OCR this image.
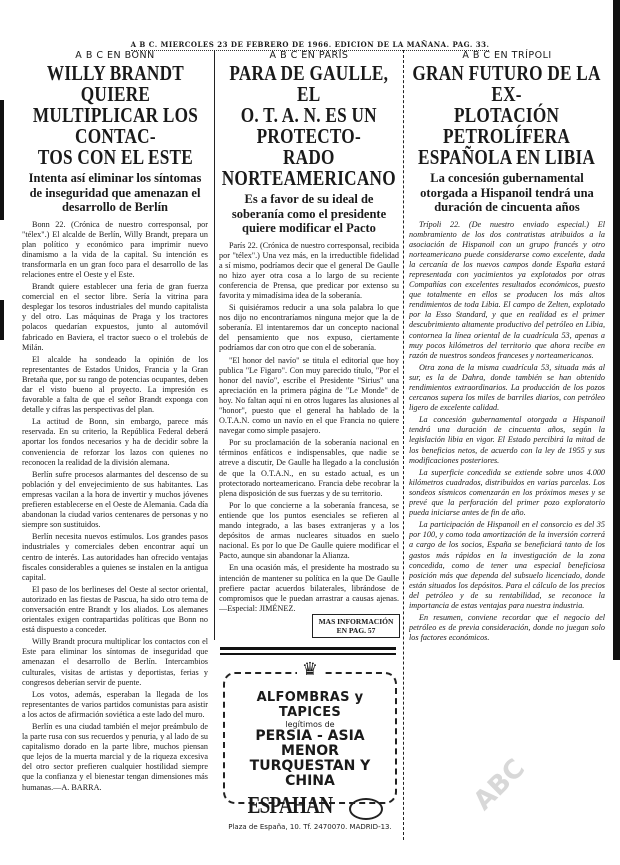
A B C. MIERCOLES 23 DE FEBRERO DE 1966. EDICION DE LA MAÑANA. PAG. 33.
A B C EN BONN
WILLY BRANDT QUIERE
MULTIPLICAR LOS CONTAC-
TOS CON EL ESTE
Intenta así eliminar los síntomas de inseguridad que amenazan el desarrollo de Berlín

Bonn 22. (Crónica de nuestro corresponsal, por "télex".) El alcalde de Berlín, Willy Brandt, prepara un plan político y económico para imprimir nuevo dinamismo a la vida de la capital. Su intención es transformarla en un gran foco para el desarrollo de las relaciones entre el Oeste y el Este.

Brandt quiere establecer una feria de gran fuerza comercial en el sector libre. Sería la vitrina para desplegar los tesoros industriales del mundo capitalista y del otro. Las máquinas de Praga y los tractores polacos quedarían expuestos, junto al automóvil fabricado en Baviera, el tractor sueco o el trolebús de Milán.

El alcalde ha sondeado la opinión de los representantes de Estados Unidos, Francia y la Gran Bretaña que, por su rango de potencias ocupantes, deben dar el visto bueno al proyecto. La impresión es favorable a falta de que el señor Brandt exponga con detalle y cifras las perspectivas del plan.

La actitud de Bonn, sin embargo, parece más reservada. En su criterio, la República Federal deberá aportar los fondos necesarios y ha de decidir sobre la conveniencia de reforzar los lazos con quienes no reconocen la realidad de la división alemana.

Berlín sufre procesos alarmantes del descenso de su población y del envejecimiento de sus habitantes. Las empresas vacilan a la hora de invertir y muchos jóvenes prefieren establecerse en el Oeste de Alemania. Cada día abandonan la ciudad varios centenares de personas y no siempre son sustituidos.

Berlín necesita nuevos estímulos. Los grandes pasos industriales y comerciales deben encontrar aquí un centro de interés. Las autoridades han ofrecido ventajas fiscales considerables a quienes se instalen en la antigua capital.

El paso de los berlineses del Oeste al sector oriental, autorizado en las fiestas de Pascua, ha sido otro tema de conversación entre Brandt y los aliados. Los alemanes orientales exigen contrapartidas políticas que Bonn no está dispuesto a conceder.

Willy Brandt procura multiplicar los contactos con el Este para eliminar los síntomas de inseguridad que amenazan el desarrollo de Berlín. Intercambios culturales, visitas de artistas y deportistas, ferias y congresos deberían servir de puente.

Los votos, además, esperaban la llegada de los representantes de varios partidos comunistas para asistir a los actos de afirmación soviética a este lado del muro.

Berlín es una ciudad también el mejor preámbulo de la parte rusa con sus recuerdos y penuria, y al lado de su capitalismo dorado en la parte libre, muchos piensan que lejos de la muerta marcial y de la riqueza excesiva del otro sector prefieren cualquier hostilidad siempre que la confianza y el bienestar tengan dimensiones más humanas.—A. BARRA.

A B C EN PARÍS
PARA DE GAULLE, EL
O. T. A. N. ES UN PROTECTO-
RADO NORTEAMERICANO
Es a favor de su ideal de soberanía como el presidente quiere modificar el Pacto

París 22. (Crónica de nuestro corresponsal, recibida por "télex".) Una vez más, en la irreductible fidelidad a sí mismo, podríamos decir que el general De Gaulle no hizo ayer otra cosa a lo largo de su reciente conferencia de Prensa, que predicar por extenso su favorita y mimadísima idea de la soberanía.

Si quisiéramos reducir a una sola palabra lo que nos dijo no encontraríamos ninguna mejor que la de soberanía. El intentaremos dar un concepto nacional del pensamiento que nos expuso, ciertamente podríamos dar con otro que con el de soberanía.

"El honor del navío" se titula el editorial que hoy publica "Le Figaro". Con muy parecido título, "Por el honor del navío", escribe el Presidente "Sirius" una apreciación en la primera página de "Le Monde" de hoy. No faltan aquí ni en otros lugares las alusiones al "honor", puesto que el general ha hablado de la O.T.A.N. como un navío en el que Francia no quiere navegar como simple pasajero.

Por su proclamación de la soberanía nacional en términos enfáticos e indispensables, que nadie se atreve a discutir, De Gaulle ha llegado a la conclusión de que la O.T.A.N., en su estado actual, es un protectorado norteamericano. Francia debe recobrar la plena disposición de sus fuerzas y de su territorio.

Por lo que concierne a la soberanía francesa, se entiende que los puntos esenciales se refieren al mando integrado, a las bases extranjeras y a los depósitos de armas nucleares situados en suelo nacional. Es por lo que De Gaulle quiere modificar el Pacto, aunque sin abandonar la Alianza.

En una ocasión más, el presidente ha mostrado su intención de mantener su política en la que De Gaulle prefiere pactar acuerdos bilaterales, librándose de compromisos que le puedan arrastrar a causas ajenas.—Especial: JIMÉNEZ.

MAS INFORMACIÓN EN PAG. 57
♛
ALFOMBRAS y TAPICES
legítimos de
PERSIA - ASIA MENOR
TURQUESTAN Y CHINA
ESPAHAN
Plaza de España, 10. Tf. 2470070. MADRID-13.
A B C EN TRÍPOLI
GRAN FUTURO DE LA EX-
PLOTACIÓN PETROLÍFERA
ESPAÑOLA EN LIBIA
La concesión gubernamental otorgada a Hispanoil tendrá una duración de cincuenta años

Trípoli 22. (De nuestro enviado especial.) El nombramiento de los dos contratistas atribuidos a la asociación de Hispanoil con un grupo francés y otro norteamericano puede considerarse como excelente, dada la cercanía de los nuevos campos donde España estará representada con yacimientos ya explotados por otras Compañías con excelentes resultados económicos, puesto que totalmente en ellos se producen los más altos rendimientos de toda Libia. El campo de Zelten, explotado por la Esso Standard, y que en realidad es el primer descubrimiento altamente productivo del petróleo en Libia, contornea la línea oriental de la cuadrícula 53, apenas a muy pocos kilómetros del territorio que ahora recibe en razón de nuestros sondeos franceses y norteamericanos.

Otra zona de la misma cuadrícula 53, situada más al sur, es la de Dahra, donde también se han obtenido rendimientos extraordinarios. La producción de los pozos cercanos supera los miles de barriles diarios, con petróleo ligero de excelente calidad.

La concesión gubernamental otorgada a Hispanoil tendrá una duración de cincuenta años, según la legislación libia en vigor. El Estado percibirá la mitad de los beneficios netos, de acuerdo con la ley de 1955 y sus modificaciones posteriores.

La superficie concedida se extiende sobre unos 4.000 kilómetros cuadrados, distribuidos en varias parcelas. Los sondeos sísmicos comenzarán en los próximos meses y se prevé que la perforación del primer pozo exploratorio pueda iniciarse antes de fin de año.

La participación de Hispanoil en el consorcio es del 35 por 100, y como toda amortización de la inversión correrá a cargo de los socios, España se beneficiará tanto de los gastos más rápidos en la investigación de la zona concedida, como de tener una especial beneficiosa posición más que dependa del subsuelo licenciado, donde están situados los depósitos. Para el cálculo de los precios del petróleo y de su rentabilidad, se reconoce la importancia de estas ventajas para nuestra industria.

En resumen, conviene recordar que el negocio del petróleo es de previa consideración, donde no juegan solo los factores económicos.

ABC
